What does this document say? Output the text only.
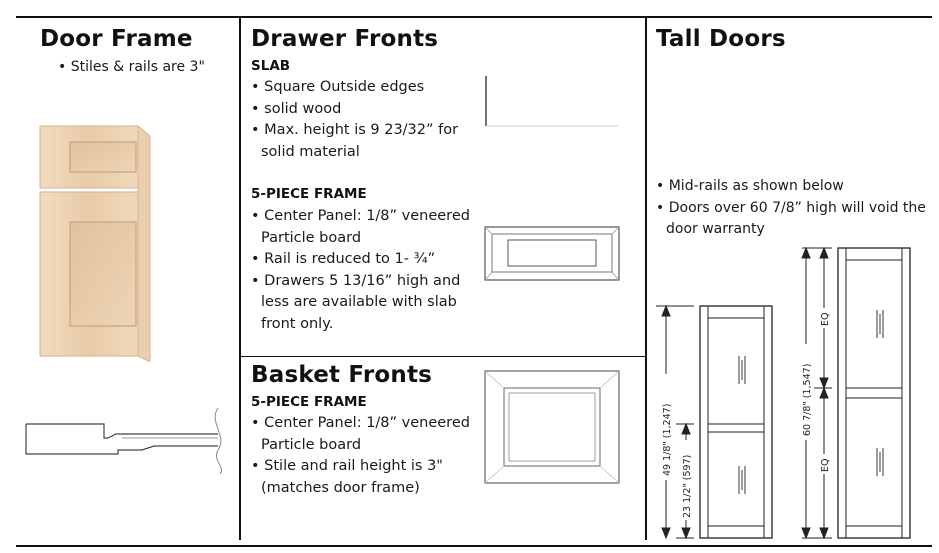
Door Frame
• Stiles & rails are 3"
Drawer Fronts
SLAB
• Square Outside edges
• solid wood
• Max. height is 9 23/32” for solid material
5-PIECE FRAME
• Center Panel: 1/8” veneered Particle board
• Rail is reduced to 1- ¾”
• Drawers 5 13/16” high and less are available with slab front only.
Basket Fronts
5-PIECE FRAME
• Center Panel: 1/8” veneered Particle board
• Stile and rail height is 3" (matches door frame)
Tall Doors
• Mid-rails as shown below
• Doors over 60 7/8” high will void the door warranty
49 1/8" (1,247)
23 1/2" (597)
60 7/8" (1,547)
EQ
EQ
